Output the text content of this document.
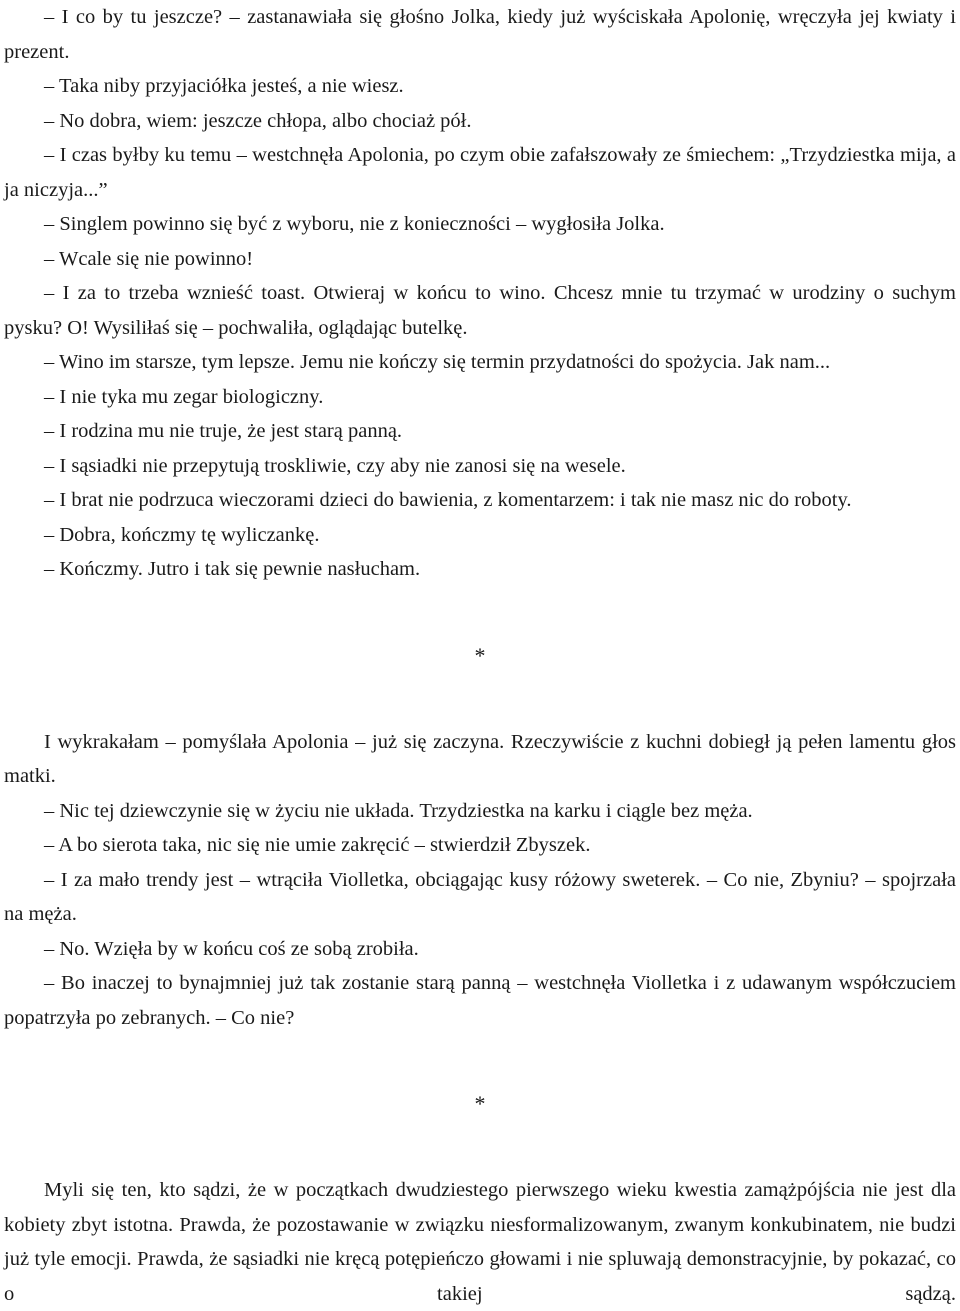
– I co by tu jeszcze? – zastanawiała się głośno Jolka, kiedy już wyściskała Apolonię, wręczyła jej kwiaty i prezent.

– Taka niby przyjaciółka jesteś, a nie wiesz.

– No dobra, wiem: jeszcze chłopa, albo chociaż pół.

– I czas byłby ku temu – westchnęła Apolonia, po czym obie zafałszowały ze śmiechem: „Trzydziestka mija, a ja niczyja...”

– Singlem powinno się być z wyboru, nie z konieczności – wygłosiła Jolka.

– Wcale się nie powinno!

– I za to trzeba wznieść toast. Otwieraj w końcu to wino. Chcesz mnie tu trzymać w urodziny o suchym pysku? O! Wysiliłaś się – pochwaliła, oglądając butelkę.

– Wino im starsze, tym lepsze. Jemu nie kończy się termin przydatności do spożycia. Jak nam...

– I nie tyka mu zegar biologiczny.

– I rodzina mu nie truje, że jest starą panną.

– I sąsiadki nie przepytują troskliwie, czy aby nie zanosi się na wesele.

– I brat nie podrzuca wieczorami dzieci do bawienia, z komentarzem: i tak nie masz nic do roboty.

– Dobra, kończmy tę wyliczankę.

– Kończmy. Jutro i tak się pewnie nasłucham.

*

I wykrakałam – pomyślała Apolonia – już się zaczyna. Rzeczywiście z kuchni dobiegł ją pełen lamentu głos matki.

– Nic tej dziewczynie się w życiu nie układa. Trzydziestka na karku i ciągle bez męża.

– A bo sierota taka, nic się nie umie zakręcić – stwierdził Zbyszek.

– I za mało trendy jest – wtrąciła Violletka, obciągając kusy różowy sweterek. – Co nie, Zbyniu? – spojrzała na męża.

– No. Wzięła by w końcu coś ze sobą zrobiła.

– Bo inaczej to bynajmniej już tak zostanie starą panną – westchnęła Violletka i z udawanym współczuciem popatrzyła po zebranych. – Co nie?

*

Myli się ten, kto sądzi, że w początkach dwudziestego pierwszego wieku kwestia zamążpójścia nie jest dla kobiety zbyt istotna. Prawda, że pozostawanie w związku niesformalizowanym, zwanym konkubinatem, nie budzi już tyle emocji. Prawda, że sąsiadki nie kręcą potępieńczo głowami i nie spluwają demonstracyjnie, by pokazać, co o takiej sądzą.
